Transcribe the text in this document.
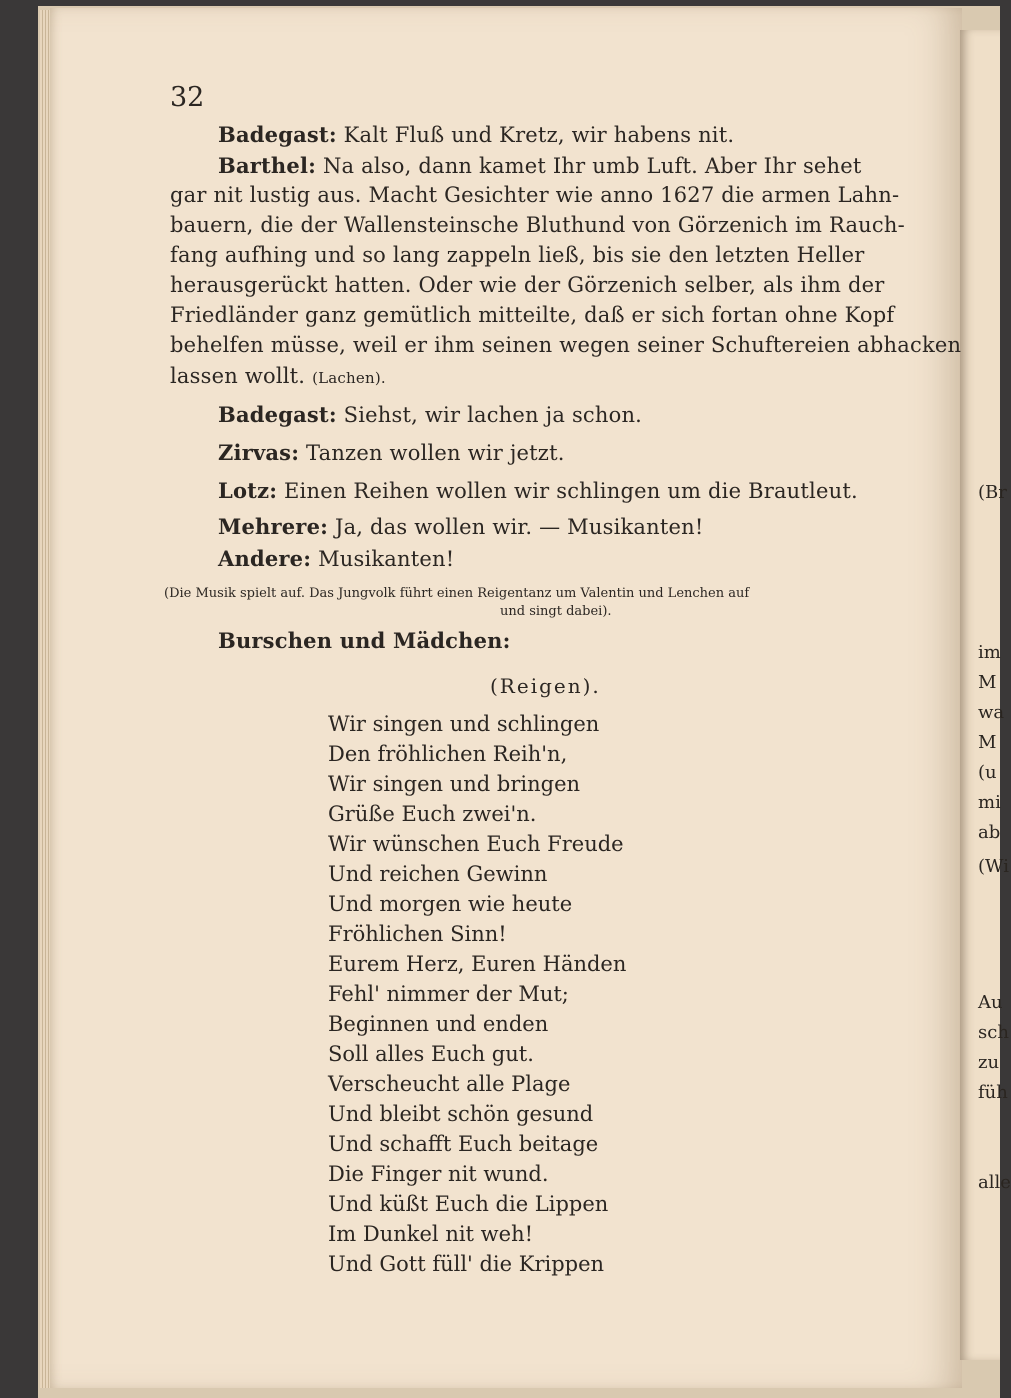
(Br
im
M
wa
M
(u
mi
ab
(Wi
Au
sch
zu
füh
alle
32
Badegast: Kalt Fluß und Kretz, wir habens nit.
Barthel: Na also, dann kamet Ihr umb Luft. Aber Ihr sehet
gar nit lustig aus. Macht Gesichter wie anno 1627 die armen Lahn-
bauern, die der Wallensteinsche Bluthund von Görzenich im Rauch-
fang aufhing und so lang zappeln ließ, bis sie den letzten Heller
herausgerückt hatten. Oder wie der Görzenich selber, als ihm der
Friedländer ganz gemütlich mitteilte, daß er sich fortan ohne Kopf
behelfen müsse, weil er ihm seinen wegen seiner Schuftereien abhacken
lassen wollt. (Lachen).
Badegast: Siehst, wir lachen ja schon.
Zirvas: Tanzen wollen wir jetzt.
Lotz: Einen Reihen wollen wir schlingen um die Brautleut.
Mehrere: Ja, das wollen wir. — Musikanten!
Andere: Musikanten!
(Die Musik spielt auf. Das Jungvolk führt einen Reigentanz um Valentin und Lenchen auf
und singt dabei).
Burschen und Mädchen:
(Reigen).
Wir singen und schlingen
Den fröhlichen Reih'n,
Wir singen und bringen
Grüße Euch zwei'n.
Wir wünschen Euch Freude
Und reichen Gewinn
Und morgen wie heute
Fröhlichen Sinn!
Eurem Herz, Euren Händen
Fehl' nimmer der Mut;
Beginnen und enden
Soll alles Euch gut.
Verscheucht alle Plage
Und bleibt schön gesund
Und schafft Euch beitage
Die Finger nit wund.
Und küßt Euch die Lippen
Im Dunkel nit weh!
Und Gott füll' die Krippen
